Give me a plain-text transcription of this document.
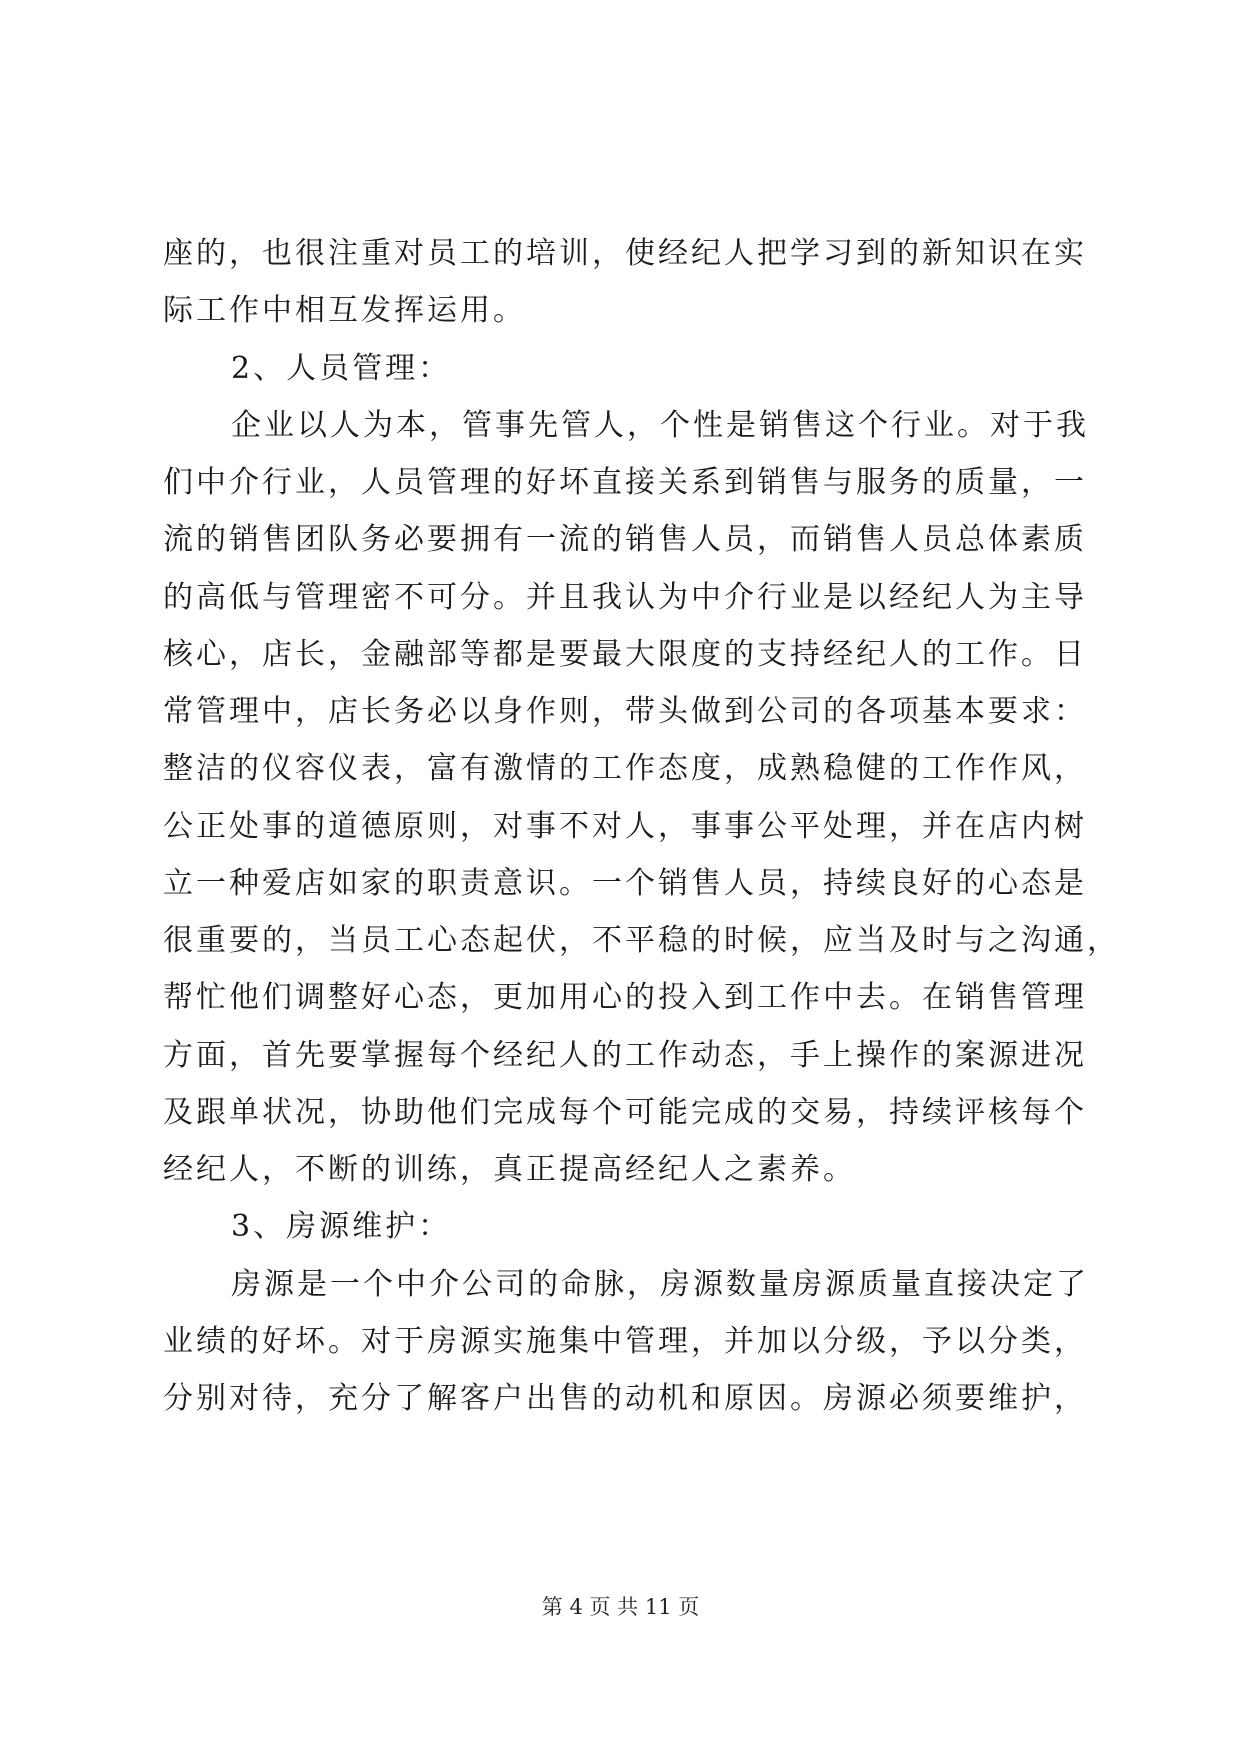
座的，也很注重对员工的培训，使经纪人把学习到的新知识在实
际工作中相互发挥运用。
2、人员管理：
企业以人为本，管事先管人，个性是销售这个行业。对于我
们中介行业，人员管理的好坏直接关系到销售与服务的质量，一
流的销售团队务必要拥有一流的销售人员，而销售人员总体素质
的高低与管理密不可分。并且我认为中介行业是以经纪人为主导
核心，店长，金融部等都是要最大限度的支持经纪人的工作。日
常管理中，店长务必以身作则，带头做到公司的各项基本要求：
整洁的仪容仪表，富有激情的工作态度，成熟稳健的工作作风，
公正处事的道德原则，对事不对人，事事公平处理，并在店内树
立一种爱店如家的职责意识。一个销售人员，持续良好的心态是
很重要的，当员工心态起伏，不平稳的时候，应当及时与之沟通，
帮忙他们调整好心态，更加用心的投入到工作中去。在销售管理
方面，首先要掌握每个经纪人的工作动态，手上操作的案源进况
及跟单状况，协助他们完成每个可能完成的交易，持续评核每个
经纪人，不断的训练，真正提高经纪人之素养。
3、房源维护：
房源是一个中介公司的命脉，房源数量房源质量直接决定了
业绩的好坏。对于房源实施集中管理，并加以分级，予以分类，
分别对待，充分了解客户出售的动机和原因。房源必须要维护，
第 4 页 共 11 页
